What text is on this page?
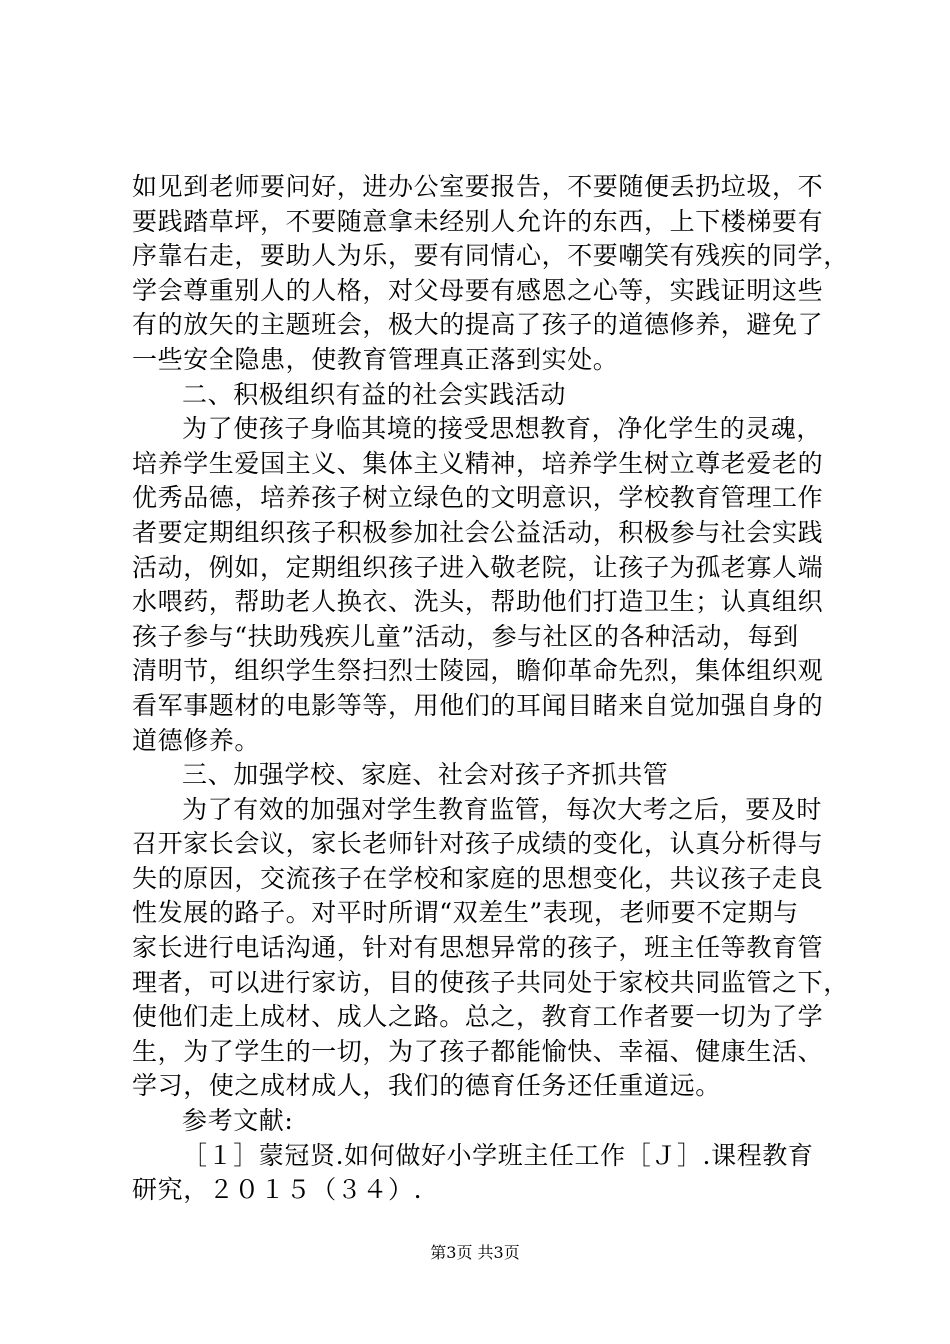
如见到老师要问好，进办公室要报告，不要随便丢扔垃圾，不
要践踏草坪，不要随意拿未经别人允许的东西，上下楼梯要有
序靠右走，要助人为乐，要有同情心，不要嘲笑有残疾的同学，
学会尊重别人的人格，对父母要有感恩之心等，实践证明这些
有的放矢的主题班会，极大的提高了孩子的道德修养，避免了
一些安全隐患，使教育管理真正落到实处。
二、积极组织有益的社会实践活动
为了使孩子身临其境的接受思想教育，净化学生的灵魂，
培养学生爱国主义、集体主义精神，培养学生树立尊老爱老的
优秀品德，培养孩子树立绿色的文明意识，学校教育管理工作
者要定期组织孩子积极参加社会公益活动，积极参与社会实践
活动，例如，定期组织孩子进入敬老院，让孩子为孤老寡人端
水喂药，帮助老人换衣、洗头，帮助他们打造卫生；认真组织
孩子参与“扶助残疾儿童”活动，参与社区的各种活动，每到
清明节，组织学生祭扫烈士陵园，瞻仰革命先烈，集体组织观
看军事题材的电影等等，用他们的耳闻目睹来自觉加强自身的
道德修养。
三、加强学校、家庭、社会对孩子齐抓共管
为了有效的加强对学生教育监管，每次大考之后，要及时
召开家长会议，家长老师针对孩子成绩的变化，认真分析得与
失的原因，交流孩子在学校和家庭的思想变化，共议孩子走良
性发展的路子。对平时所谓“双差生”表现，老师要不定期与
家长进行电话沟通，针对有思想异常的孩子，班主任等教育管
理者，可以进行家访，目的使孩子共同处于家校共同监管之下，
使他们走上成材、成人之路。总之，教育工作者要一切为了学
生，为了学生的一切，为了孩子都能愉快、幸福、健康生活、
学习，使之成材成人，我们的德育任务还任重道远。
参考文献:
［１］蒙冠贤.如何做好小学班主任工作［Ｊ］.课程教育
研究，２０１５（３４）.
第3页 共3页
